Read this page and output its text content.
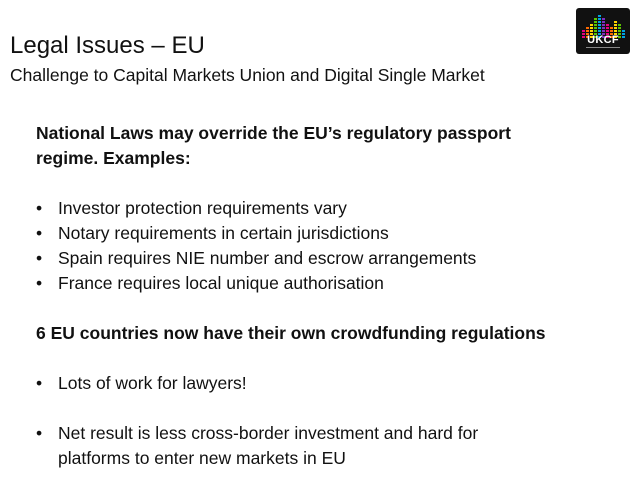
Legal Issues – EU
Challenge to Capital Markets Union and Digital Single Market
UKCF

National Laws may override the EU’s regulatory passport

regime. Examples:

• Investor protection requirements vary
• Notary requirements in certain jurisdictions
• Spain requires NIE number and escrow arrangements
• France requires local unique authorisation

6 EU countries now have their own crowdfunding regulations

• Lots of work for lawyers!
• Net result is less cross-border investment and hard for
platforms to enter new markets in EU
